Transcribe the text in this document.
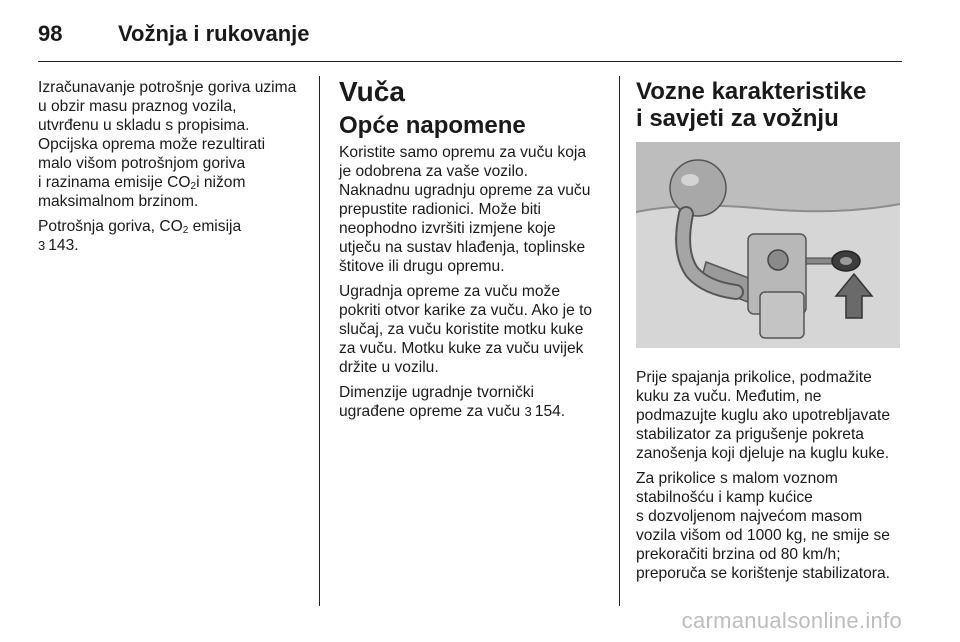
98	Vožnja i rukovanje

Izračunavanje potrošnje goriva uzima
u obzir masu praznog vozila,
utvrđenu u skladu s propisima.
Opcijska oprema može rezultirati
malo višom potrošnjom goriva
i razinama emisije $CO_2i$ nižom
maksimalnom brzinom.

Potrošnja goriva, $CO_2$ emisija
3 143.

Vuča
Opće napomene

Koristite samo opremu za vuču koja
je odobrena za vaše vozilo.
Naknadnu ugradnju opreme za vuču
prepustite radionici. Može biti
neophodno izvršiti izmjene koje
utječu na sustav hlađenja, toplinske
štitove ili drugu opremu.

Ugradnja opreme za vuču može
pokriti otvor karike za vuču. Ako je to
slučaj, za vuču koristite motku kuke
za vuču. Motku kuke za vuču uvijek
držite u vozilu.

Dimenzije ugradnje tvornički
ugrađene opreme za vuču 3 154.

Vozne karakteristike
i savjeti za vožnju

Prije spajanja prikolice, podmažite
kuku za vuču. Međutim, ne
podmazujte kuglu ako upotrebljavate
stabilizator za prigušenje pokreta
zanošenja koji djeluje na kuglu kuke.

Za prikolice s malom voznom
stabilnošću i kamp kućice
s dozvoljenom najvećom masom
vozila višom od 1000 kg, ne smije se
prekoračiti brzina od 80 km/h;
preporuča se korištenje stabilizatora.

carmanualsonline.info
